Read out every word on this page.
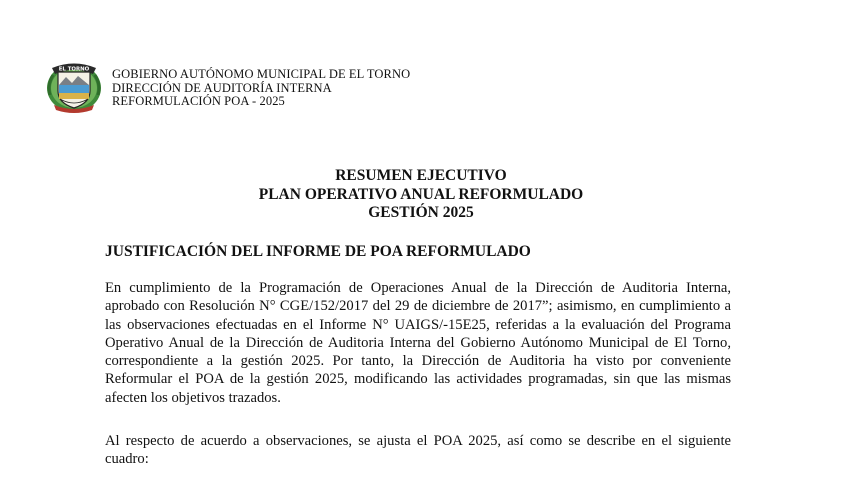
EL TORNO GOBIERNO AUTÓNOMO MUNICIPAL DE EL TORNO
DIRECCIÓN DE AUDITORÍA INTERNA
REFORMULACIÓN POA - 2025
RESUMEN EJECUTIVO
PLAN OPERATIVO ANUAL REFORMULADO
GESTIÓN 2025
JUSTIFICACIÓN DEL INFORME DE POA REFORMULADO

En cumplimiento de la Programación de Operaciones Anual de la Dirección de Auditoria Interna, aprobado con Resolución N° CGE/152/2017 del 29 de diciembre de 2017”; asimismo, en cumplimiento a las observaciones efectuadas en el Informe N° UAIGS/-15E25, referidas a la evaluación del Programa Operativo Anual de la Dirección de Auditoria Interna del Gobierno Autónomo Municipal de El Torno, correspondiente a la gestión 2025. Por tanto, la Dirección de Auditoria ha visto por conveniente Reformular el POA de la gestión 2025, modificando las actividades programadas, sin que las mismas afecten los objetivos trazados.

Al respecto de acuerdo a observaciones, se ajusta el POA 2025, así como se describe en el siguiente cuadro:
